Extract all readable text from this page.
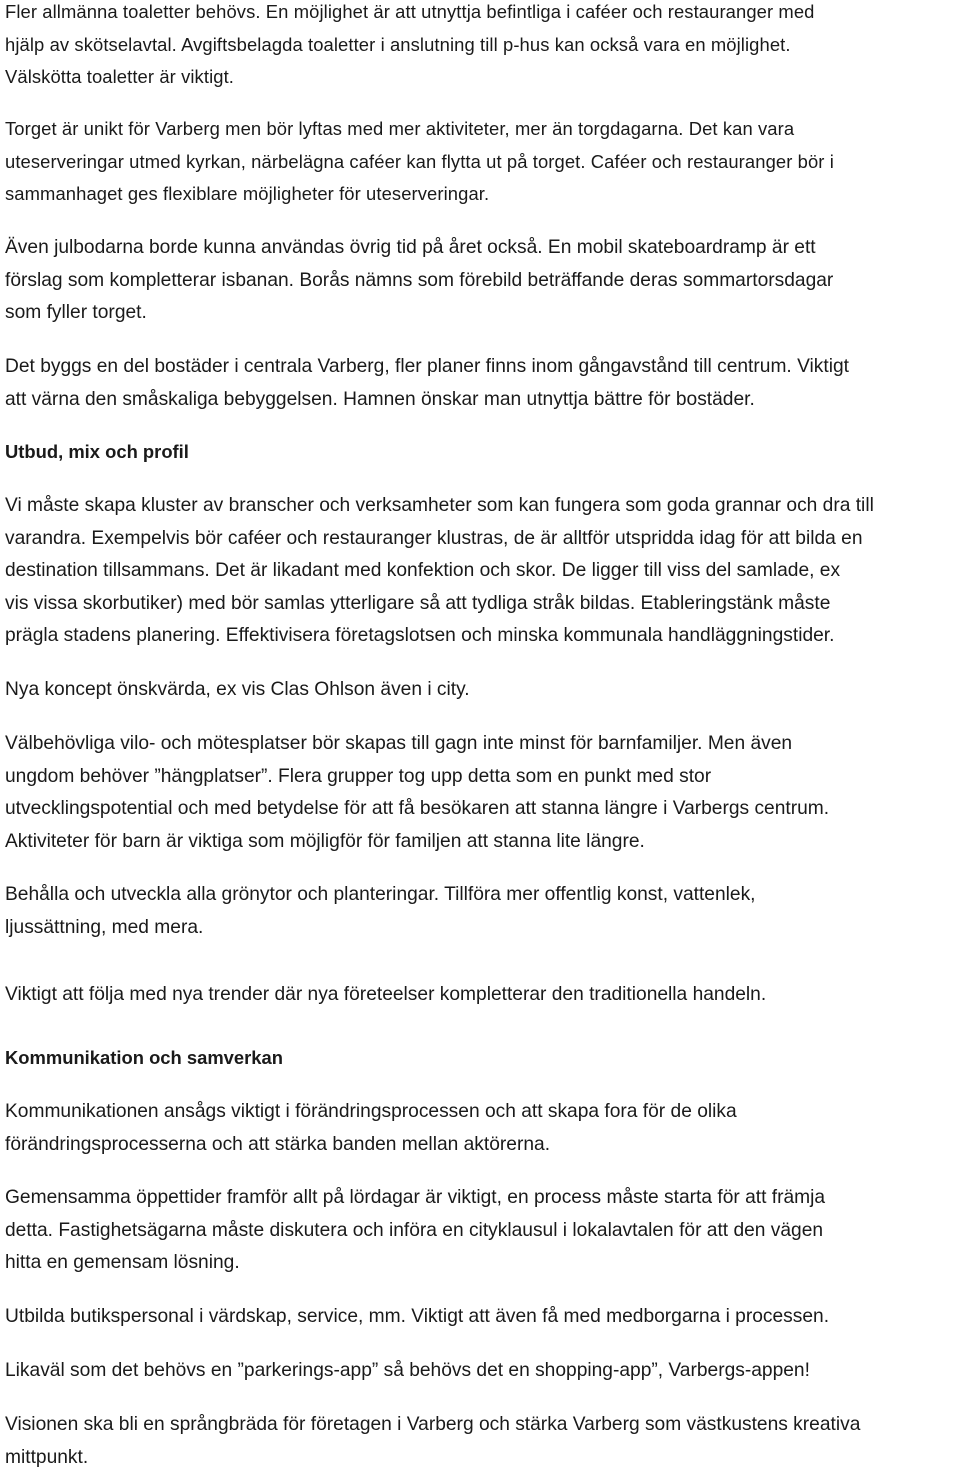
Fler allmänna toaletter behövs. En möjlighet är att utnyttja befintliga i caféer och restauranger med
hjälp av skötselavtal. Avgiftsbelagda toaletter i anslutning till p-hus kan också vara en möjlighet.
Välskötta toaletter är viktigt.

Torget är unikt för Varberg men bör lyftas med mer aktiviteter, mer än torgdagarna. Det kan vara
uteserveringar utmed kyrkan, närbelägna caféer kan flytta ut på torget. Caféer och restauranger bör i
sammanhaget ges flexiblare möjligheter för uteserveringar.

Även julbodarna borde kunna användas övrig tid på året också. En mobil skateboardramp är ett
förslag som kompletterar isbanan. Borås nämns som förebild beträffande deras sommartorsdagar
som fyller torget.

Det byggs en del bostäder i centrala Varberg, fler planer finns inom gångavstånd till centrum. Viktigt
att värna den småskaliga bebyggelsen. Hamnen önskar man utnyttja bättre för bostäder.

Utbud, mix och profil

Vi måste skapa kluster av branscher och verksamheter som kan fungera som goda grannar och dra till
varandra. Exempelvis bör caféer och restauranger klustras, de är alltför utspridda idag för att bilda en
destination tillsammans. Det är likadant med konfektion och skor. De ligger till viss del samlade, ex
vis vissa skorbutiker) med bör samlas ytterligare så att tydliga stråk bildas. Etableringstänk måste
prägla stadens planering. Effektivisera företagslotsen och minska kommunala handläggningstider.

Nya koncept önskvärda, ex vis Clas Ohlson även i city.

Välbehövliga vilo- och mötesplatser bör skapas till gagn inte minst för barnfamiljer. Men även
ungdom behöver ”hängplatser”. Flera grupper tog upp detta som en punkt med stor
utvecklingspotential och med betydelse för att få besökaren att stanna längre i Varbergs centrum.
Aktiviteter för barn är viktiga som möjligför för familjen att stanna lite längre.

Behålla och utveckla alla grönytor och planteringar. Tillföra mer offentlig konst, vattenlek,
ljussättning, med mera.

Viktigt att följa med nya trender där nya företeelser kompletterar den traditionella handeln.

Kommunikation och samverkan

Kommunikationen ansågs viktigt i förändringsprocessen och att skapa fora för de olika
förändringsprocesserna och att stärka banden mellan aktörerna.

Gemensamma öppettider framför allt på lördagar är viktigt, en process måste starta för att främja
detta. Fastighetsägarna måste diskutera och införa en cityklausul i lokalavtalen för att den vägen
hitta en gemensam lösning.

Utbilda butikspersonal i värdskap, service, mm. Viktigt att även få med medborgarna i processen.

Likaväl som det behövs en ”parkerings-app” så behövs det en shopping-app”, Varbergs-appen!

Visionen ska bli en språngbräda för företagen i Varberg och stärka Varberg som västkustens kreativa
mittpunkt.
